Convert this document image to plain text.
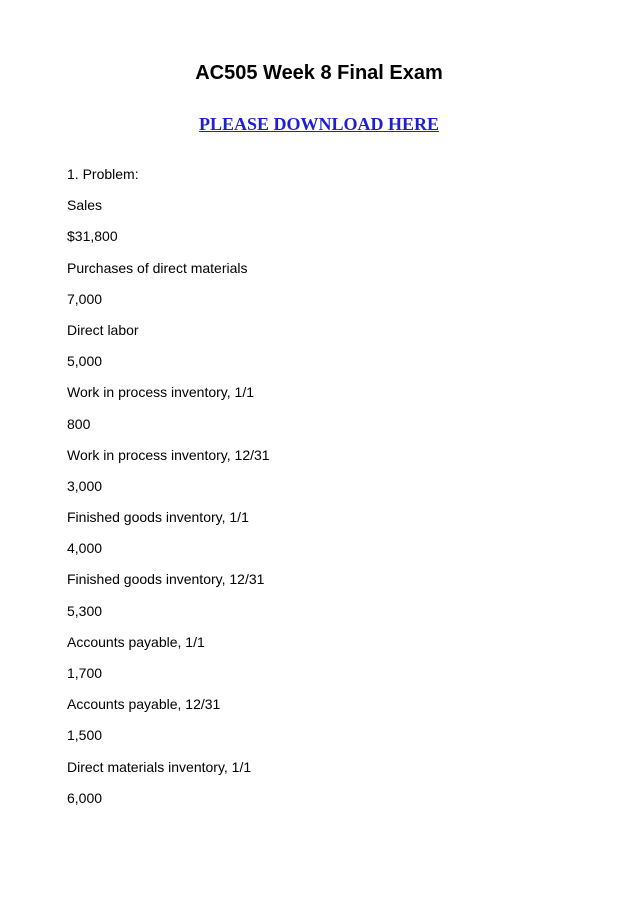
AC505 Week 8 Final Exam
PLEASE DOWNLOAD HERE
1. Problem:
Sales
$31,800
Purchases of direct materials
7,000
Direct labor
5,000
Work in process inventory, 1/1
800
Work in process inventory, 12/31
3,000
Finished goods inventory, 1/1
4,000
Finished goods inventory, 12/31
5,300
Accounts payable, 1/1
1,700
Accounts payable, 12/31
1,500
Direct materials inventory, 1/1
6,000
